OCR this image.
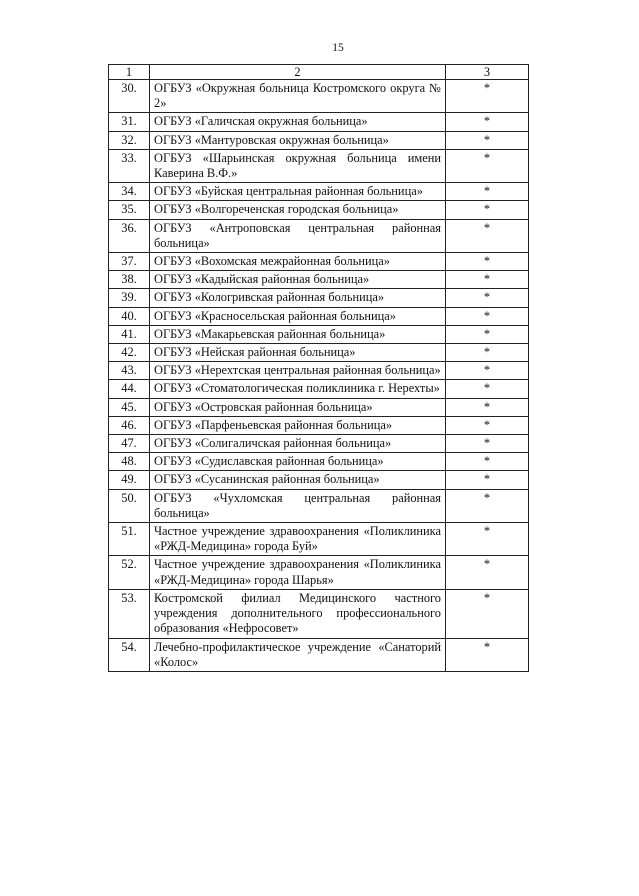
15
1	2	3
30.	ОГБУЗ «Окружная больница Костромского округа № 2»	*
31.	ОГБУЗ «Галичская окружная больница»	*
32.	ОГБУЗ «Мантуровская окружная больница»	*
33.	ОГБУЗ «Шарьинская окружная больница имени Каверина В.Ф.»	*
34.	ОГБУЗ «Буйская центральная районная больница»	*
35.	ОГБУЗ «Волгореченская городская больница»	*
36.	ОГБУЗ «Антроповская центральная районная больница»	*
37.	ОГБУЗ «Вохомская межрайонная больница»	*
38.	ОГБУЗ «Кадыйская районная больница»	*
39.	ОГБУЗ «Кологривская районная больница»	*
40.	ОГБУЗ «Красносельская районная больница»	*
41.	ОГБУЗ «Макарьевская районная больница»	*
42.	ОГБУЗ «Нейская районная больница»	*
43.	ОГБУЗ «Нерехтская центральная районная больница»	*
44.	ОГБУЗ «Стоматологическая поликлиника г. Нерехты»	*
45.	ОГБУЗ «Островская районная больница»	*
46.	ОГБУЗ «Парфеньевская районная больница»	*
47.	ОГБУЗ «Солигаличская районная больница»	*
48.	ОГБУЗ «Судиславская районная больница»	*
49.	ОГБУЗ «Сусанинская районная больница»	*
50.	ОГБУЗ «Чухломская центральная районная больница»	*
51.	Частное учреждение здравоохранения «Поликлиника «РЖД-Медицина» города Буй»	*
52.	Частное учреждение здравоохранения «Поликлиника «РЖД-Медицина» города Шарья»	*
53.	Костромской филиал Медицинского частного учреждения дополнительного профессионального образования «Нефросовет»	*
54.	Лечебно-профилактическое учреждение «Санаторий «Колос»	*
